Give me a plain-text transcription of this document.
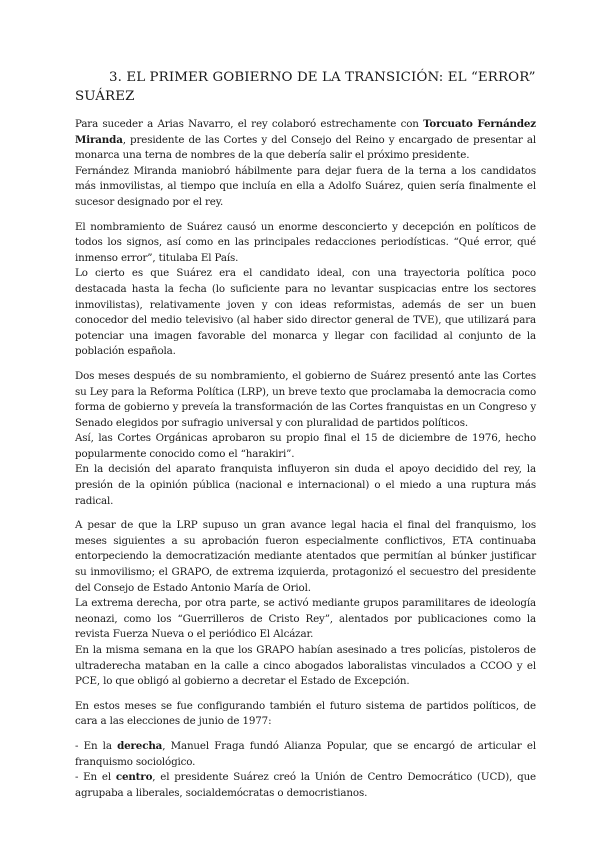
3. EL PRIMER GOBIERNO DE LA TRANSICIÓN: EL “ERROR” SUÁREZ

Para suceder a Arias Navarro, el rey colaboró estrechamente con Torcuato Fernández Miranda, presidente de las Cortes y del Consejo del Reino y encargado de presentar al monarca una terna de nombres de la que debería salir el próximo presidente.

Fernández Miranda maniobró hábilmente para dejar fuera de la terna a los candidatos más inmovilistas, al tiempo que incluía en ella a Adolfo Suárez, quien sería finalmente el sucesor designado por el rey.

El nombramiento de Suárez causó un enorme desconcierto y decepción en políticos de todos los signos, así como en las principales redacciones periodísticas. “Qué error, qué inmenso error”, titulaba El País.

Lo cierto es que Suárez era el candidato ideal, con una trayectoria política poco destacada hasta la fecha (lo suficiente para no levantar suspicacias entre los sectores inmovilistas), relativamente joven y con ideas reformistas, además de ser un buen conocedor del medio televisivo (al haber sido director general de TVE), que utilizará para potenciar una imagen favorable del monarca y llegar con facilidad al conjunto de la población española.

Dos meses después de su nombramiento, el gobierno de Suárez presentó ante las Cortes su Ley para la Reforma Política (LRP), un breve texto que proclamaba la democracia como forma de gobierno y preveía la transformación de las Cortes franquistas en un Congreso y Senado elegidos por sufragio universal y con pluralidad de partidos políticos.

Así, las Cortes Orgánicas aprobaron su propio final el 15 de diciembre de 1976, hecho popularmente conocido como el “harakiri”.

En la decisión del aparato franquista influyeron sin duda el apoyo decidido del rey, la presión de la opinión pública (nacional e internacional) o el miedo a una ruptura más radical.

A pesar de que la LRP supuso un gran avance legal hacia el final del franquismo, los meses siguientes a su aprobación fueron especialmente conflictivos, ETA continuaba entorpeciendo la democratización mediante atentados que permitían al búnker justificar su inmovilismo; el GRAPO, de extrema izquierda, protagonizó el secuestro del presidente del Consejo de Estado Antonio María de Oriol.

La extrema derecha, por otra parte, se activó mediante grupos paramilitares de ideología neonazi, como los “Guerrilleros de Cristo Rey”, alentados por publicaciones como la revista Fuerza Nueva o el periódico El Alcázar.

En la misma semana en la que los GRAPO habían asesinado a tres policías, pistoleros de ultraderecha mataban en la calle a cinco abogados laboralistas vinculados a CCOO y el PCE, lo que obligó al gobierno a decretar el Estado de Excepción.

En estos meses se fue configurando también el futuro sistema de partidos políticos, de cara a las elecciones de junio de 1977:

- En la derecha, Manuel Fraga fundó Alianza Popular, que se encargó de articular el franquismo sociológico.

- En el centro, el presidente Suárez creó la Unión de Centro Democrático (UCD), que agrupaba a liberales, socialdemócratas o democristianos.
